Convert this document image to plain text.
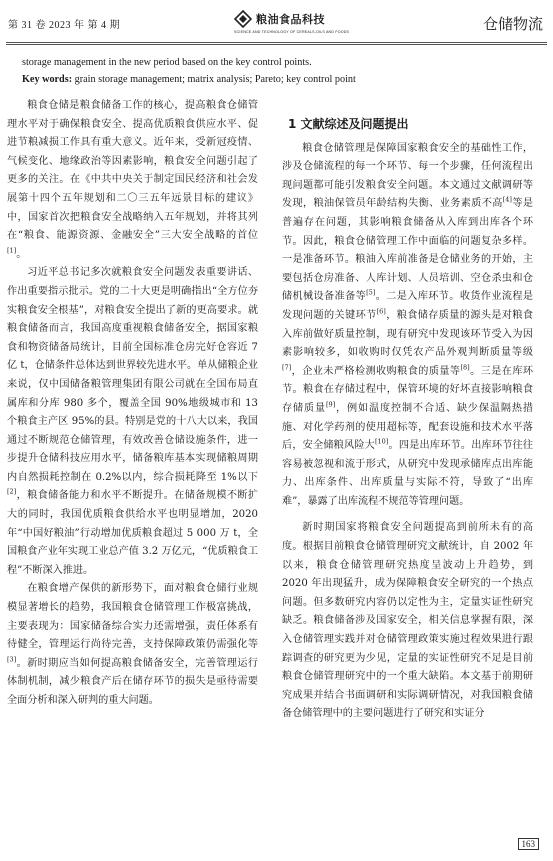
第 31 卷 2023 年 第 4 期	粮油食品科技
SCIENCE AND TECHNOLOGY OF CEREALS,OILS AND FOODS	仓储物流
storage management in the new period based on the key control points.
Key words: grain storage management; matrix analysis; Pareto; key control point

粮食仓储是粮食储备工作的核心，提高粮食仓储管理水平对于确保粮食安全、提高优质粮食供应水平、促进节粮减损工作具有重大意义。近年来，受新冠疫情、气候变化、地缘政治等因素影响，粮食安全问题引起了更多的关注。在《中共中央关于制定国民经济和社会发展第十四个五年规划和二〇三五年远景目标的建议》中，国家首次把粮食安全战略纳入五年规划，并将其列在“粮食、能源资源、金融安全”三大安全战略的首位[1]。

习近平总书记多次就粮食安全问题发表重要讲话、作出重要指示批示。党的二十大更是明确指出“全方位夯实粮食安全根基”，对粮食安全提出了新的更高要求。就粮食储备而言，我国高度重视粮食储备安全，据国家粮食和物资储备局统计，目前全国标准仓房完好仓容近 7 亿 t，仓储条件总体达到世界较先进水平。单从储粮企业来说，仅中国储备粮管理集团有限公司就在全国布局直属库和分库 980 多个，覆盖全国 90%地级城市和 13 个粮食主产区 95%的县。特别是党的十八大以来，我国通过不断规范仓储管理，有效改善仓储设施条件，进一步提升仓储科技应用水平，储备粮库基本实现储粮周期内自然损耗控制在 0.2%以内，综合损耗降至 1%以下[2]，粮食储备能力和水平不断提升。在储备规模不断扩大的同时，我国优质粮食供给水平也明显增加，2020 年“中国好粮油”行动增加优质粮食超过 5 000 万 t，全国粮食产业年实现工业总产值 3.2 万亿元，“优质粮食工程”不断深入推进。

在粮食增产保供的新形势下，面对粮食仓储行业规模显著增长的趋势，我国粮食仓储管理工作极富挑战，主要表现为：国家储备综合实力还需增强，责任体系有待健全，管理运行尚待完善，支持保障政策仍需强化等[3]。新时期应当如何提高粮食储备安全，完善管理运行体制机制，减少粮食产后在储存环节的损失是亟待需要全面分析和深入研判的重大问题。

1 文献综述及问题提出

粮食仓储管理是保障国家粮食安全的基础性工作，涉及仓储流程的每一个环节、每一个步骤，任何流程出现问题都可能引发粮食安全问题。本文通过文献调研等发现，粮油保管员年龄结构失衡、业务素质不高[4]等是普遍存在问题，其影响粮食储备从入库到出库各个环节。因此，粮食仓储管理工作中面临的问题复杂多样。一是准备环节。粮油入库前准备是仓储业务的开始，主要包括仓房准备、人库计划、人员培训、空仓杀虫和仓储机械设备准备等[5]。二是入库环节。收货作业流程是发现问题的关键环节[6]，粮食储存质量的源头是对粮食入库前做好质量控制，现有研究中发现该环节受入为因素影响较多，如收购时仅凭农产品外观判断质量等级[7]，企业未严格检测收购粮食的质量等[8]。三是在库环节。粮食在存储过程中，保管环境的好坏直接影响粮食存储质量[9]，例如温度控制不合适、缺少保温隔热措施、对化学药剂的使用超标等，配套设施和技术水平落后，安全储粮风险大[10]。四是出库环节。出库环节往往容易被忽视和流于形式，从研究中发现承储库点出库能力、出库条件、出库质量与实际不符，导致了“出库难”，暴露了出库流程不规范等管理问题。

新时期国家将粮食安全问题提高到前所未有的高度。根据目前粮食仓储管理研究文献统计，自 2002 年以来，粮食仓储管理研究热度呈波动上升趋势，到 2020 年出现猛升，成为保障粮食安全研究的一个热点问题。但多数研究内容仍以定性为主，定量实证性研究缺乏。粮食储备涉及国家安全，相关信息掌握有限，深入仓储管理实践并对仓储管理政策实施过程效果进行跟踪调查的研究更为少见，定量的实证性研究不足是目前粮食仓储管理研究中的一个重大缺陷。本文基于前期研究成果并结合书面调研和实际调研情况，对我国粮食储备仓储管理中的主要问题进行了研究和实证分

163
